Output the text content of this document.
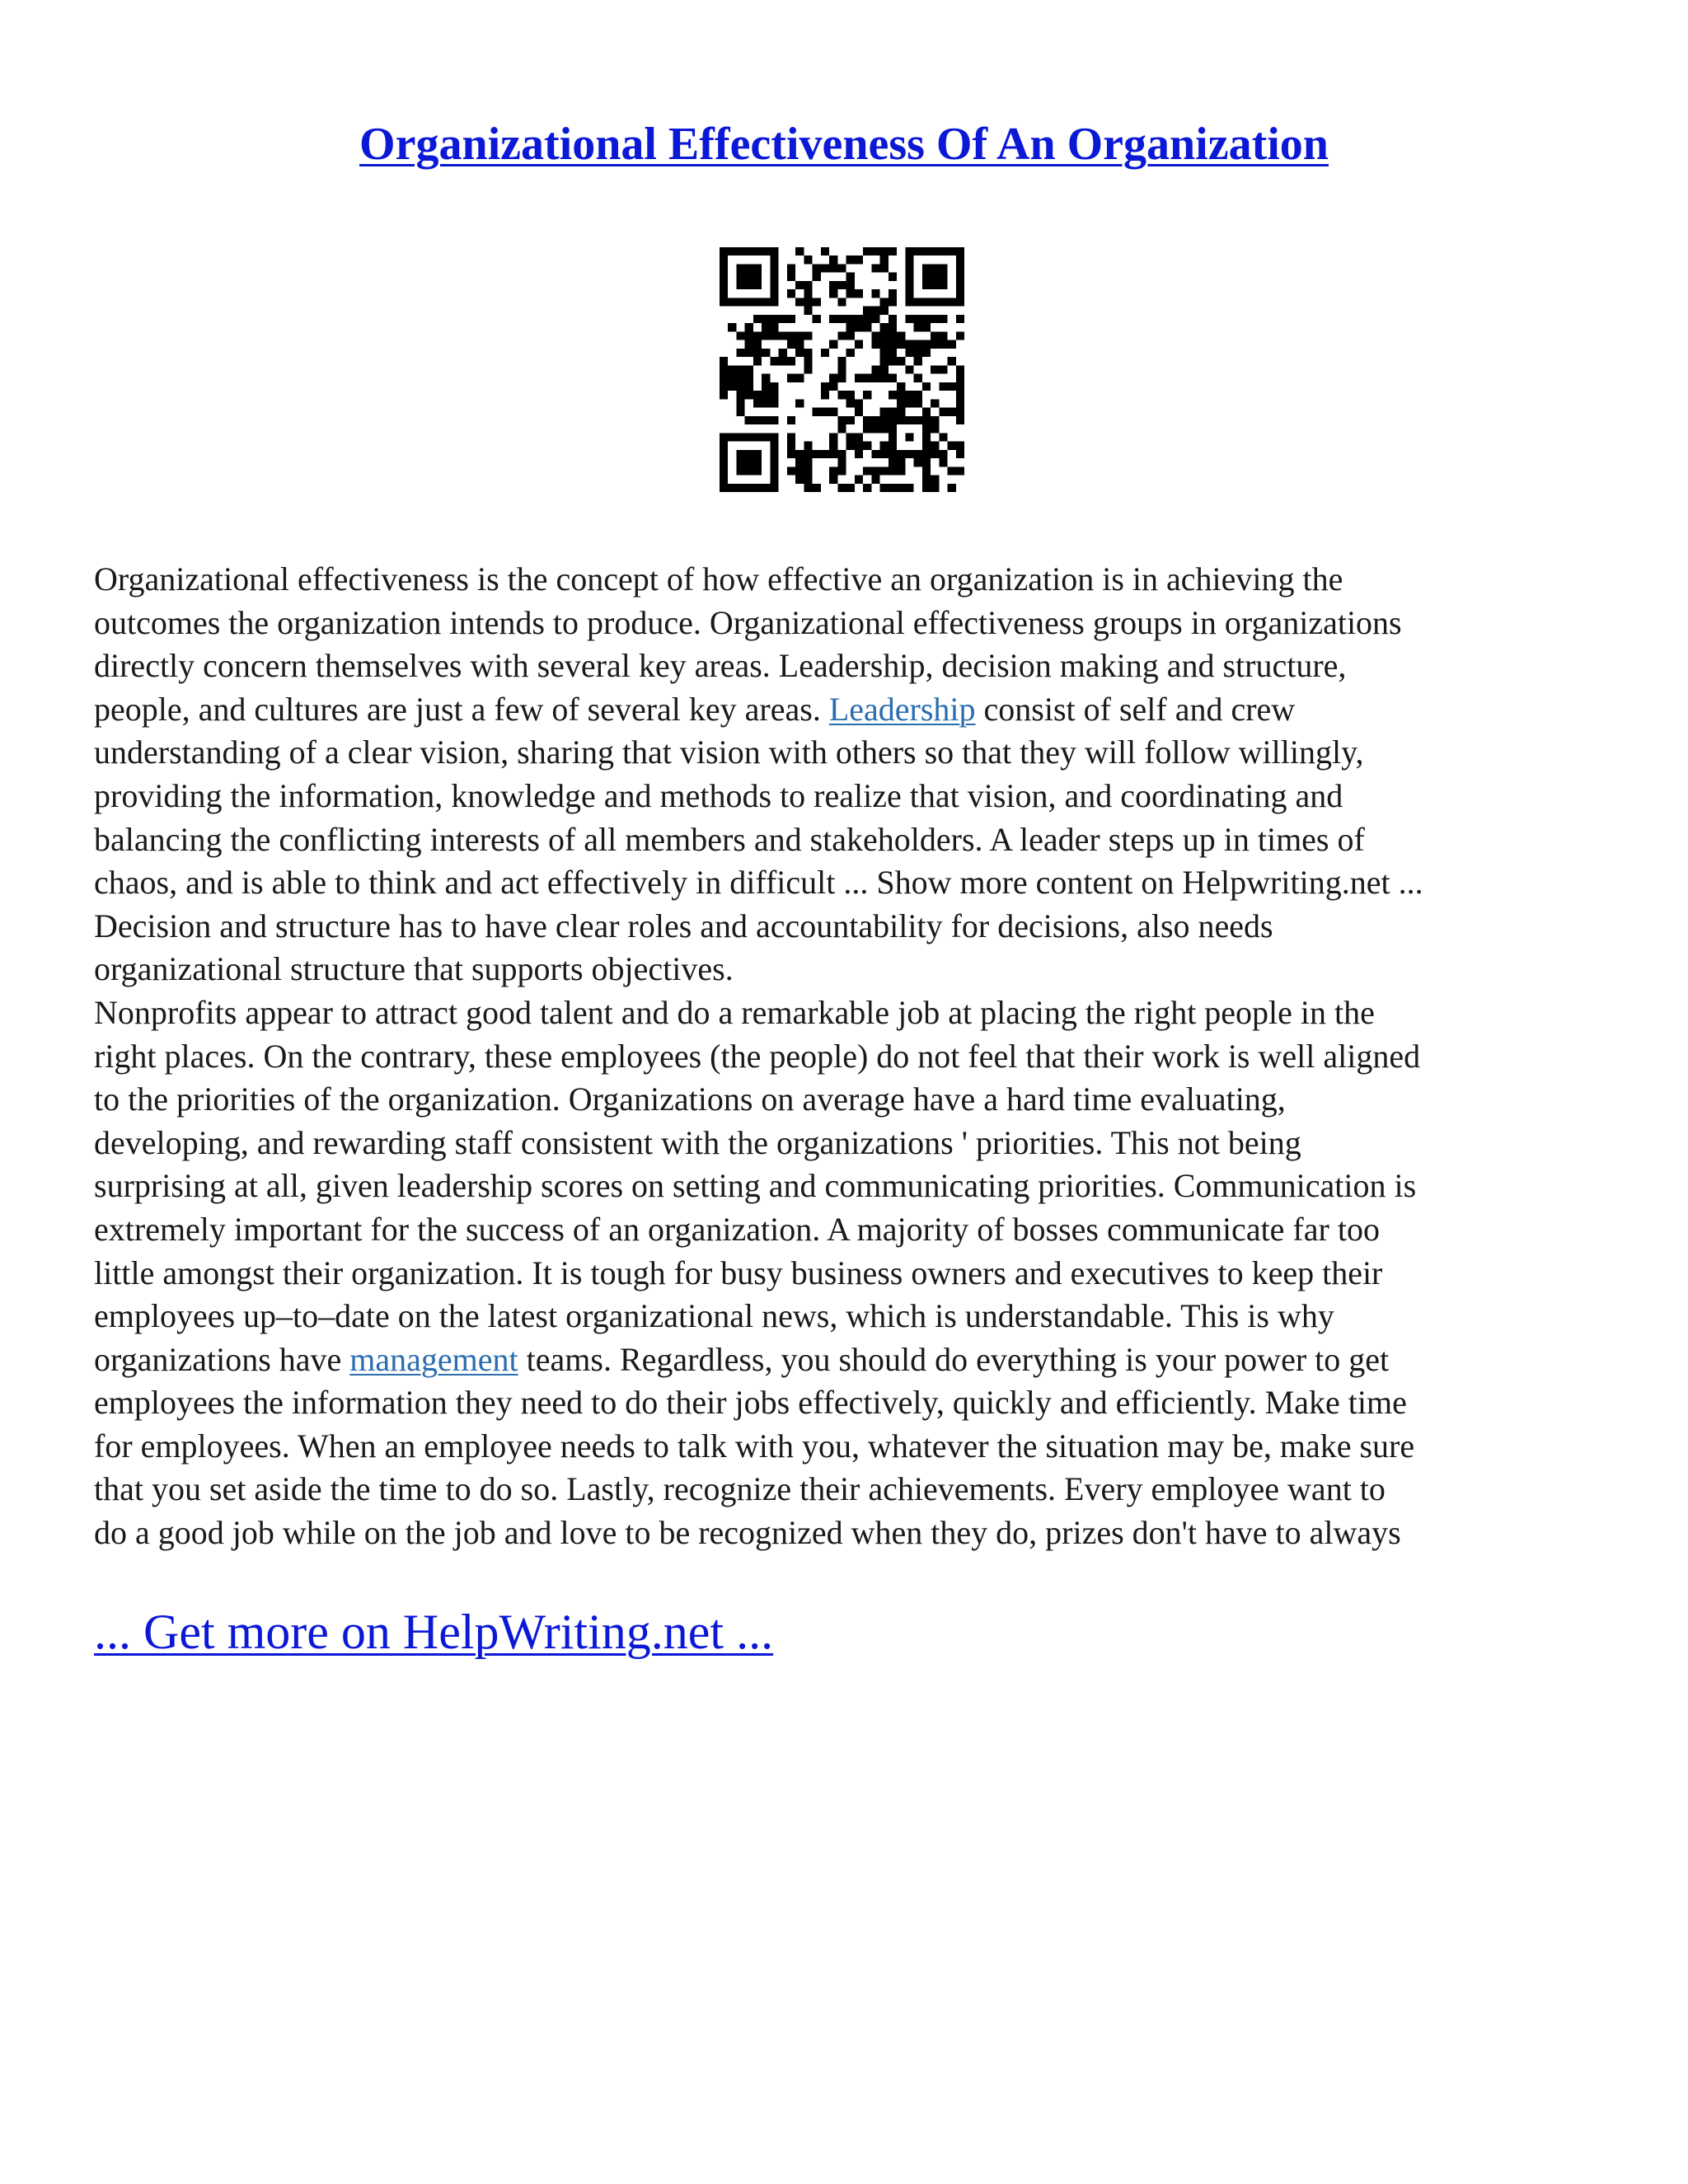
Organizational Effectiveness Of An Organization
Organizational effectiveness is the concept of how effective an organization is in achieving the
outcomes the organization intends to produce. Organizational effectiveness groups in organizations
directly concern themselves with several key areas. Leadership, decision making and structure,
people, and cultures are just a few of several key areas. Leadership consist of self and crew
understanding of a clear vision, sharing that vision with others so that they will follow willingly,
providing the information, knowledge and methods to realize that vision, and coordinating and
balancing the conflicting interests of all members and stakeholders. A leader steps up in times of
chaos, and is able to think and act effectively in difficult ... Show more content on Helpwriting.net ...
Decision and structure has to have clear roles and accountability for decisions, also needs
organizational structure that supports objectives.
Nonprofits appear to attract good talent and do a remarkable job at placing the right people in the
right places. On the contrary, these employees (the people) do not feel that their work is well aligned
to the priorities of the organization. Organizations on average have a hard time evaluating,
developing, and rewarding staff consistent with the organizations ' priorities. This not being
surprising at all, given leadership scores on setting and communicating priorities. Communication is
extremely important for the success of an organization. A majority of bosses communicate far too
little amongst their organization. It is tough for busy business owners and executives to keep their
employees up–to–date on the latest organizational news, which is understandable. This is why
organizations have management teams. Regardless, you should do everything is your power to get
employees the information they need to do their jobs effectively, quickly and efficiently. Make time
for employees. When an employee needs to talk with you, whatever the situation may be, make sure
that you set aside the time to do so. Lastly, recognize their achievements. Every employee want to
do a good job while on the job and love to be recognized when they do, prizes don't have to always

... Get more on HelpWriting.net ...
